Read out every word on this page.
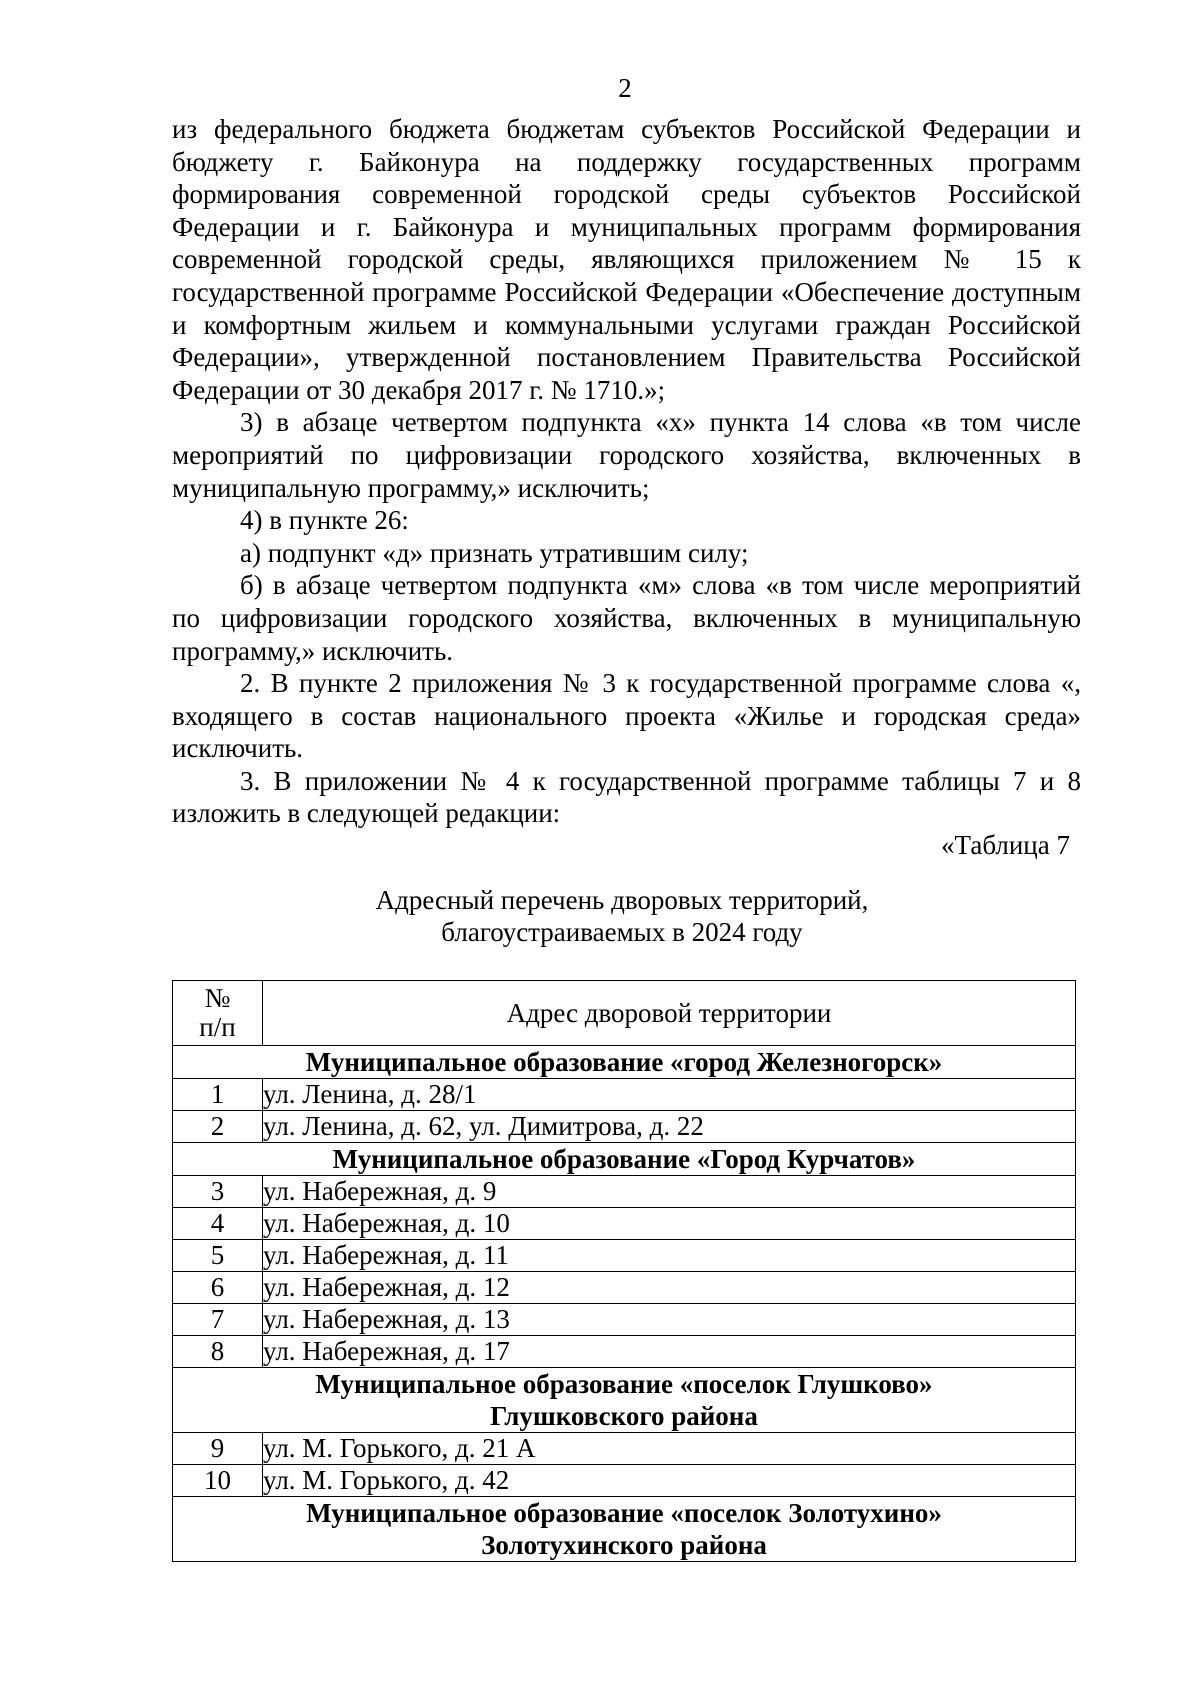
2

из федерального бюджета бюджетам субъектов Российской Федерации и бюджету г. Байконура на поддержку государственных программ формирования современной городской среды субъектов Российской Федерации и г. Байконура и муниципальных программ формирования современной городской среды, являющихся приложением № 15 к государственной программе Российской Федерации «Обеспечение доступным и комфортным жильем и коммунальными услугами граждан Российской Федерации», утвержденной постановлением Правительства Российской Федерации от 30 декабря 2017 г. № 1710.»;

3) в абзаце четвертом подпункта «х» пункта 14 слова «в том числе мероприятий по цифровизации городского хозяйства, включенных в муниципальную программу,» исключить;

4) в пункте 26:

а) подпункт «д» признать утратившим силу;

б) в абзаце четвертом подпункта «м» слова «в том числе мероприятий по цифровизации городского хозяйства, включенных в муниципальную программу,» исключить.

2. В пункте 2 приложения № 3 к государственной программе слова «, входящего в состав национального проекта «Жилье и городская среда» исключить.

3. В приложении № 4 к государственной программе таблицы 7 и 8 изложить в следующей редакции:

«Таблица 7
Адресный перечень дворовых территорий,
благоустраиваемых в 2024 году
№
п/п	Адрес дворовой территории

Муниципальное образование «город Железногорск»	

1	ул. Ленина, д. 28/1
2	ул. Ленина, д. 62, ул. Димитрова, д. 22

Муниципальное образование «Город Курчатов»	

3	ул. Набережная, д. 9
4	ул. Набережная, д. 10
5	ул. Набережная, д. 11
6	ул. Набережная, д. 12
7	ул. Набережная, д. 13
8	ул. Набережная, д. 17

Муниципальное образование «поселок Глушково»
Глушковского района	

9	ул. М. Горького, д. 21 А
10	ул. М. Горького, д. 42

Муниципальное образование «поселок Золотухино»
Золотухинского района	
